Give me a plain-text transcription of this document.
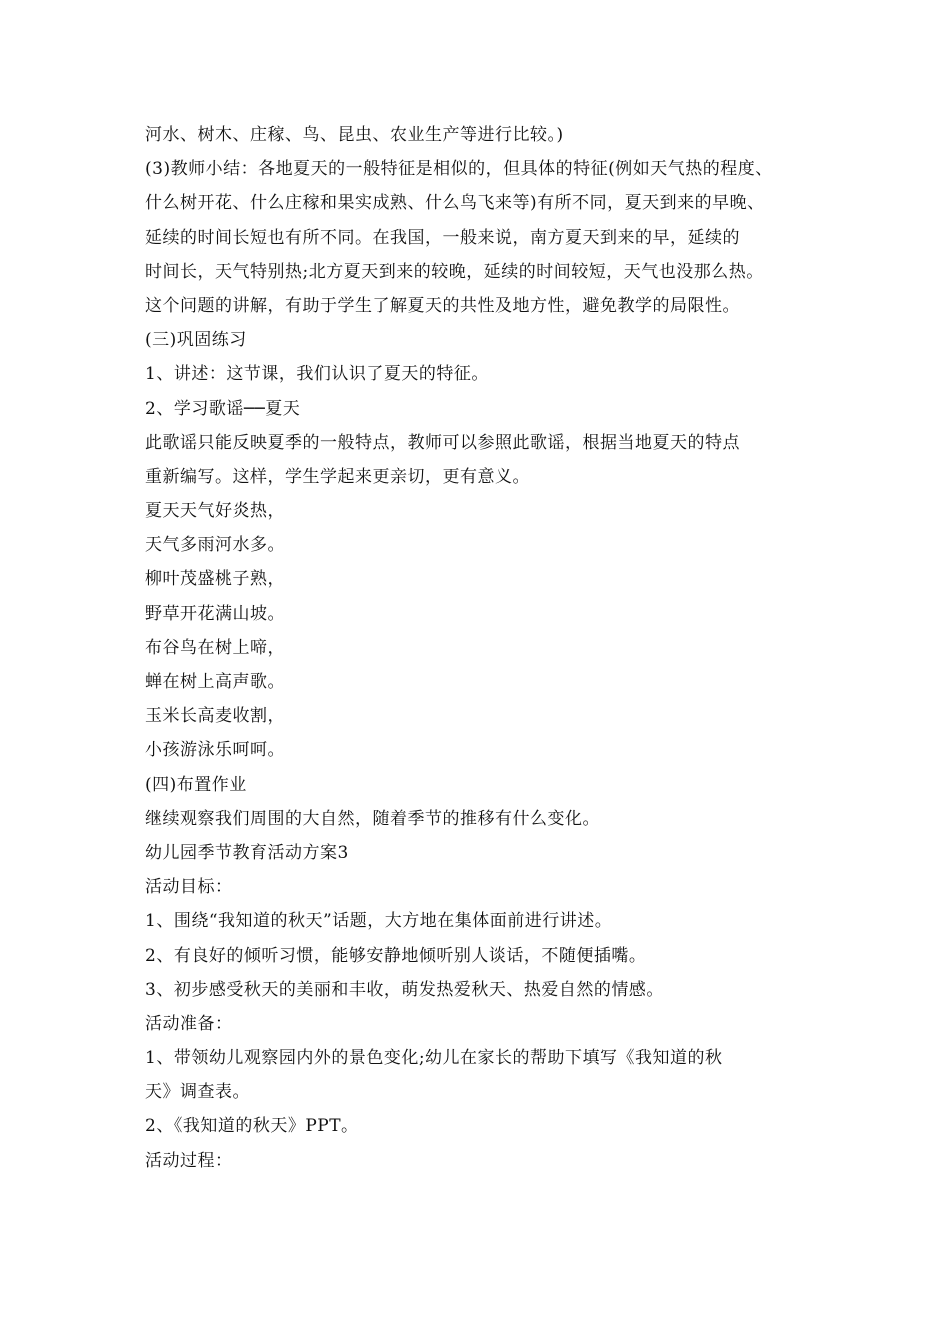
河水、树木、庄稼、鸟、昆虫、农业生产等进行比较。)
(3)教师小结：各地夏天的一般特征是相似的，但具体的特征(例如天气热的程度、
什么树开花、什么庄稼和果实成熟、什么鸟飞来等)有所不同，夏天到来的早晚、
延续的时间长短也有所不同。在我国，一般来说，南方夏天到来的早，延续的
时间长，天气特别热;北方夏天到来的较晚，延续的时间较短，天气也没那么热。
这个问题的讲解，有助于学生了解夏天的共性及地方性，避免教学的局限性。
(三)巩固练习
1、讲述：这节课，我们认识了夏天的特征。
2、学习歌谣──夏天
此歌谣只能反映夏季的一般特点，教师可以参照此歌谣，根据当地夏天的特点
重新编写。这样，学生学起来更亲切，更有意义。
夏天天气好炎热，
天气多雨河水多。
柳叶茂盛桃子熟，
野草开花满山坡。
布谷鸟在树上啼，
蝉在树上高声歌。
玉米长高麦收割，
小孩游泳乐呵呵。
(四)布置作业
继续观察我们周围的大自然，随着季节的推移有什么变化。
幼儿园季节教育活动方案3
活动目标：
1、围绕“我知道的秋天”话题，大方地在集体面前进行讲述。
2、有良好的倾听习惯，能够安静地倾听别人谈话，不随便插嘴。
3、初步感受秋天的美丽和丰收，萌发热爱秋天、热爱自然的情感。
活动准备：
1、带领幼儿观察园内外的景色变化;幼儿在家长的帮助下填写《我知道的秋
天》调查表。
2、《我知道的秋天》PPT。
活动过程：
